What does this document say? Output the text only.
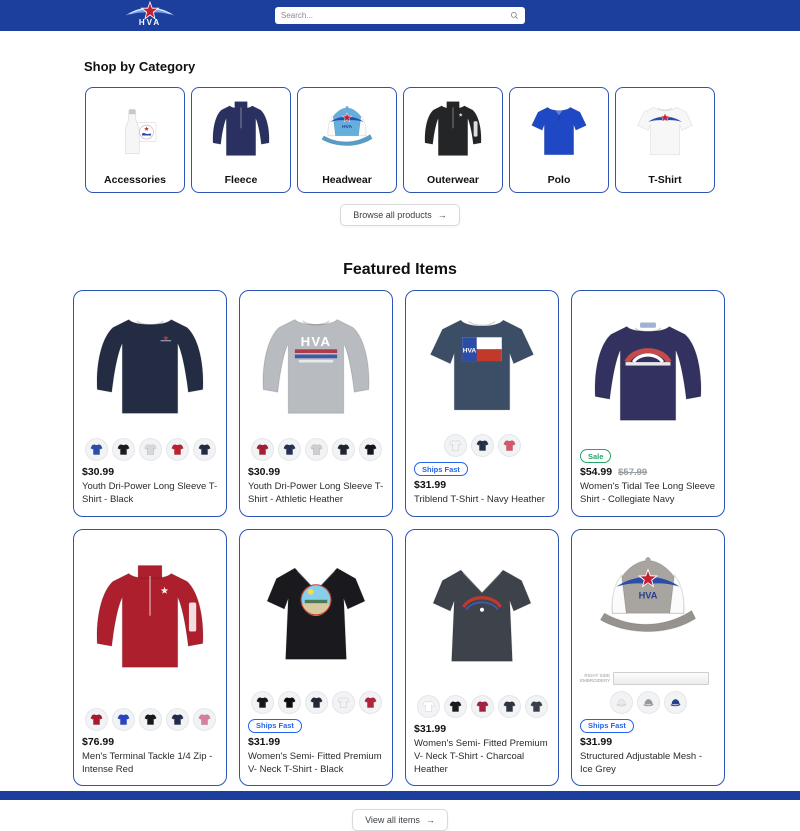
HVA
Search...
Shop by Category
Accessories	Fleece
HVA
Headwear	Outerwear	Polo	T-Shirt
Browse all products →
Featured Items
$30.99
Youth Dri-Power Long Sleeve T-Shirt - Black
HVA
$30.99
Youth Dri-Power Long Sleeve T-Shirt - Athletic Heather
HVA
Ships Fast
$31.99
Triblend T-Shirt - Navy Heather
Sale
$54.99 $57.99
Women's Tidal Tee Long Sleeve Shirt - Collegiate Navy
$76.99
Men's Terminal Tackle 1/4 Zip - Intense Red
Ships Fast
$31.99
Women's Semi- Fitted Premium V- Neck T-Shirt - Black
$31.99
Women's Semi- Fitted Premium V- Neck T-Shirt - Charcoal Heather
HVA
RIGHT SIDE EMBROIDERY
Ships Fast
$31.99
Structured Adjustable Mesh - Ice Grey
View all items →
